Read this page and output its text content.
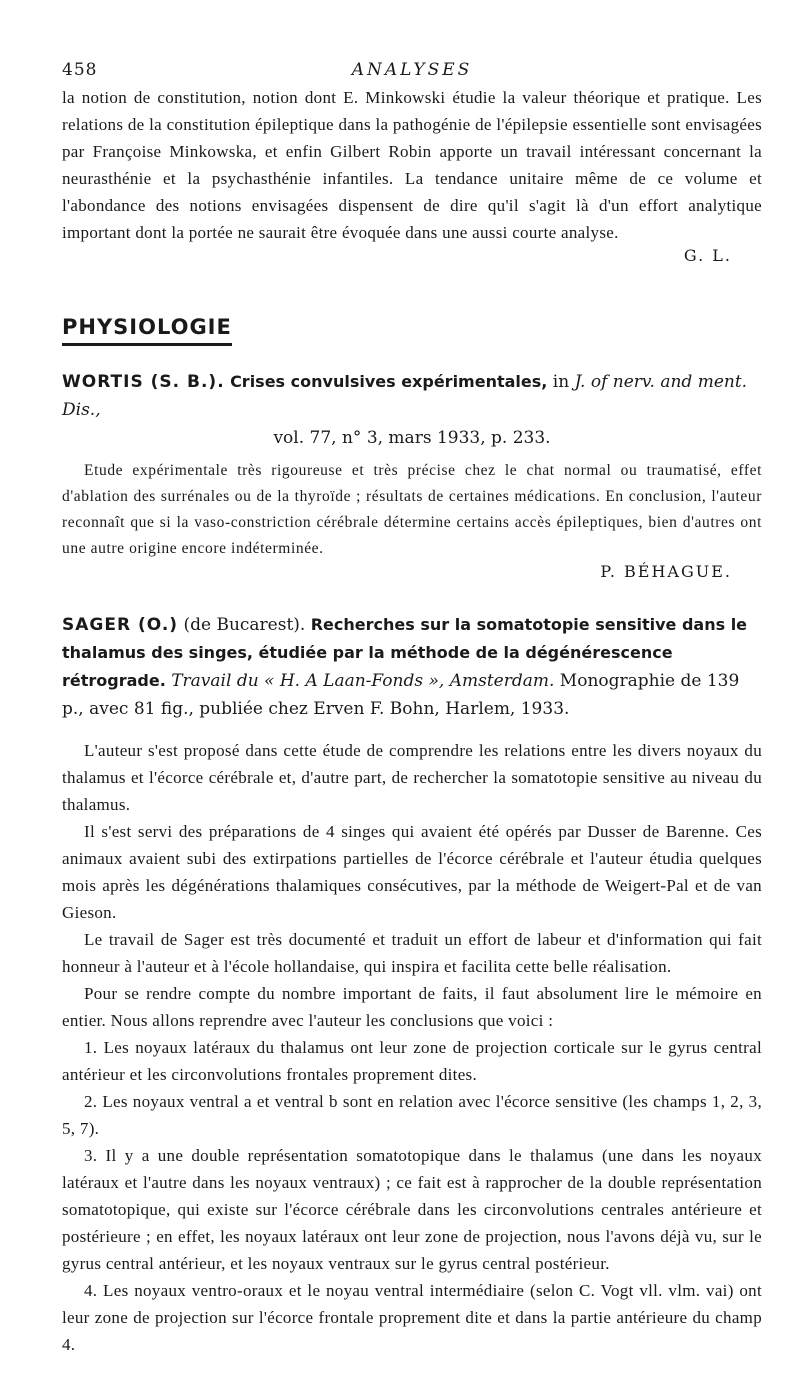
458	ANALYSES

la notion de constitution, notion dont E. Minkowski étudie la valeur théorique et pratique. Les relations de la constitution épileptique dans la pathogénie de l'épilepsie essentielle sont envisagées par Françoise Minkowska, et enfin Gilbert Robin apporte un travail intéressant concernant la neurasthénie et la psychasthénie infantiles. La tendance unitaire même de ce volume et l'abondance des notions envisagées dispensent de dire qu'il s'agit là d'un effort analytique important dont la portée ne saurait être évoquée dans une aussi courte analyse.

G. L.

PHYSIOLOGIE

WORTIS (S. B.). Crises convulsives expérimentales, in J. of nerv. and ment. Dis.,

vol. 77, n° 3, mars 1933, p. 233.

Etude expérimentale très rigoureuse et très précise chez le chat normal ou traumatisé, effet d'ablation des surrénales ou de la thyroïde ; résultats de certaines médications. En conclusion, l'auteur reconnaît que si la vaso-constriction cérébrale détermine certains accès épileptiques, bien d'autres ont une autre origine encore indéterminée.

P. BÉHAGUE.

SAGER (O.) (de Bucarest). Recherches sur la somatotopie sensitive dans le thalamus des singes, étudiée par la méthode de la dégénérescence rétrograde. Travail du « H. A Laan-Fonds », Amsterdam. Monographie de 139 p., avec 81 fig., publiée chez Erven F. Bohn, Harlem, 1933.

L'auteur s'est proposé dans cette étude de comprendre les relations entre les divers noyaux du thalamus et l'écorce cérébrale et, d'autre part, de rechercher la somatotopie sensitive au niveau du thalamus.

Il s'est servi des préparations de 4 singes qui avaient été opérés par Dusser de Barenne. Ces animaux avaient subi des extirpations partielles de l'écorce cérébrale et l'auteur étudia quelques mois après les dégénérations thalamiques consécutives, par la méthode de Weigert-Pal et de van Gieson.

Le travail de Sager est très documenté et traduit un effort de labeur et d'information qui fait honneur à l'auteur et à l'école hollandaise, qui inspira et facilita cette belle réalisation.

Pour se rendre compte du nombre important de faits, il faut absolument lire le mémoire en entier. Nous allons reprendre avec l'auteur les conclusions que voici :

1. Les noyaux latéraux du thalamus ont leur zone de projection corticale sur le gyrus central antérieur et les circonvolutions frontales proprement dites.

2. Les noyaux ventral a et ventral b sont en relation avec l'écorce sensitive (les champs 1, 2, 3, 5, 7).

3. Il y a une double représentation somatotopique dans le thalamus (une dans les noyaux latéraux et l'autre dans les noyaux ventraux) ; ce fait est à rapprocher de la double représentation somatotopique, qui existe sur l'écorce cérébrale dans les circonvolutions centrales antérieure et postérieure ; en effet, les noyaux latéraux ont leur zone de projection, nous l'avons déjà vu, sur le gyrus central antérieur, et les noyaux ventraux sur le gyrus central postérieur.

4. Les noyaux ventro-oraux et le noyau ventral intermédiaire (selon C. Vogt vll. vlm. vai) ont leur zone de projection sur l'écorce frontale proprement dite et dans la partie antérieure du champ 4.
